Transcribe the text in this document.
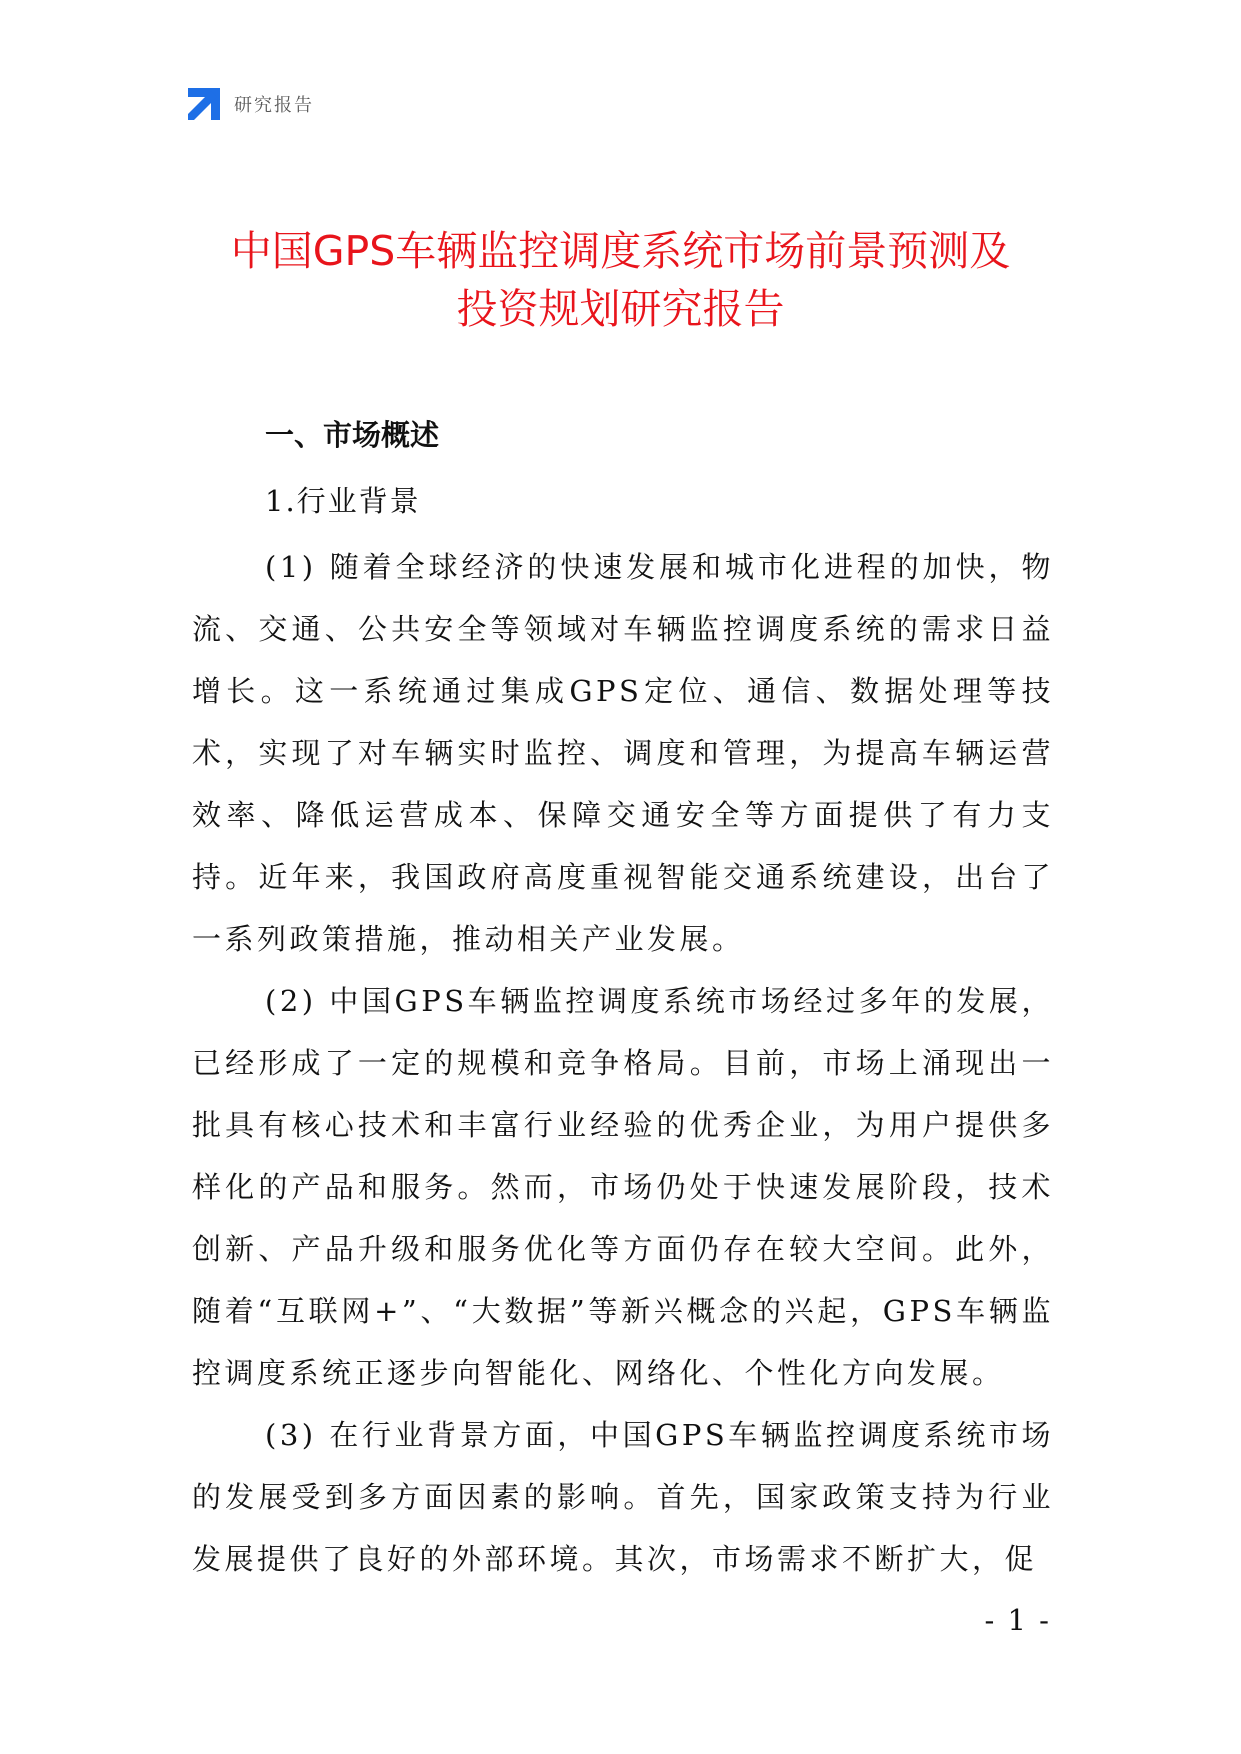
研究报告
中国GPS车辆监控调度系统市场前景预测及
投资规划研究报告
一、市场概述
1.行业背景

(1) 随着全球经济的快速发展和城市化进程的加快，物流、交通、公共安全等领域对车辆监控调度系统的需求日益增长。这一系统通过集成GPS定位、通信、数据处理等技术，实现了对车辆实时监控、调度和管理，为提高车辆运营效率、降低运营成本、保障交通安全等方面提供了有力支持。近年来，我国政府高度重视智能交通系统建设，出台了一系列政策措施，推动相关产业发展。

(2) 中国GPS车辆监控调度系统市场经过多年的发展，已经形成了一定的规模和竞争格局。目前，市场上涌现出一批具有核心技术和丰富行业经验的优秀企业，为用户提供多样化的产品和服务。然而，市场仍处于快速发展阶段，技术创新、产品升级和服务优化等方面仍存在较大空间。此外，随着“互联网+”、“大数据”等新兴概念的兴起，GPS车辆监控调度系统正逐步向智能化、网络化、个性化方向发展。

(3) 在行业背景方面，中国GPS车辆监控调度系统市场的发展受到多方面因素的影响。首先，国家政策支持为行业发展提供了良好的外部环境。其次，市场需求不断扩大，促

- 1 -
